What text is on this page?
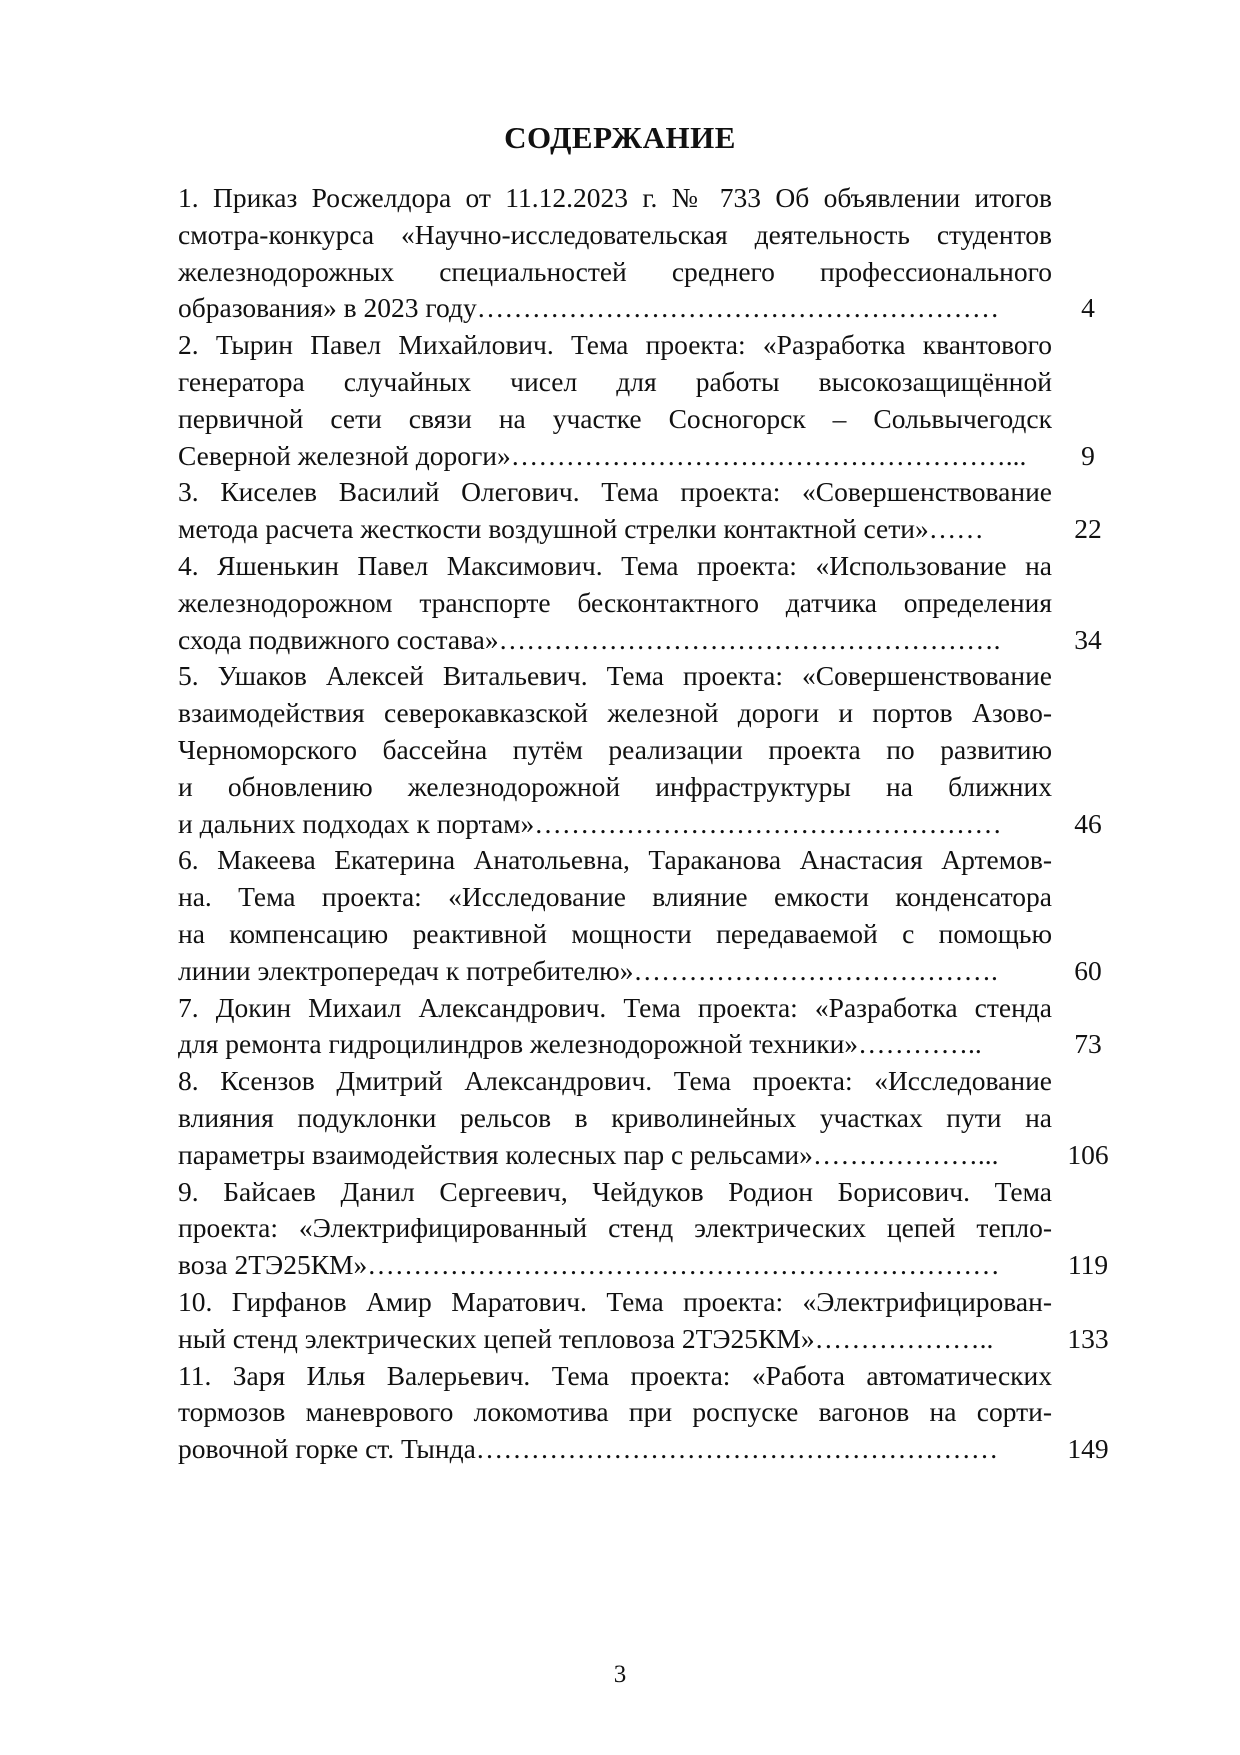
СОДЕРЖАНИЕ
1. Приказ Росжелдора от 11.12.2023 г. № 733 Об объявлении итогов
смотра-конкурса «Научно-исследовательская деятельность студентов
железнодорожных специальностей среднего профессионального
образования» в 2023 году…………………………………………………	4
2. Тырин Павел Михайлович. Тема проекта: «Разработка квантового
генератора случайных чисел для работы высокозащищённой
первичной сети связи на участке Сосногорск – Сольвычегодск
Северной железной дороги»………………………………………………...	9
3. Киселев Василий Олегович. Тема проекта: «Совершенствование
метода расчета жесткости воздушной стрелки контактной сети»……	22
4. Яшенькин Павел Максимович. Тема проекта: «Использование на
железнодорожном транспорте бесконтактного датчика определения
схода подвижного состава»……………………………………………….	34
5. Ушаков Алексей Витальевич. Тема проекта: «Совершенствование
взаимодействия северокавказской железной дороги и портов Азово-
Черноморского бассейна путём реализации проекта по развитию
и обновлению железнодорожной инфраструктуры на ближних
и дальних подходах к портам»……………………………………………	46
6. Макеева Екатерина Анатольевна, Тараканова Анастасия Артемов-
на. Тема проекта: «Исследование влияние емкости конденсатора
на компенсацию реактивной мощности передаваемой с помощью
линии электропередач к потребителю»………………………………….	60
7. Докин Михаил Александрович. Тема проекта: «Разработка стенда
для ремонта гидроцилиндров железнодорожной техники»…………..	73
8. Ксензов Дмитрий Александрович. Тема проекта: «Исследование
влияния подуклонки рельсов в криволинейных участках пути на
параметры взаимодействия колесных пар с рельсами»………………...	106
9. Байсаев Данил Сергеевич, Чейдуков Родион Борисович. Тема
проекта: «Электрифицированный стенд электрических цепей тепло-
воза 2ТЭ25КМ»……………………………………………………………	119
10. Гирфанов Амир Маратович. Тема проекта: «Электрифицирован-
ный стенд электрических цепей тепловоза 2ТЭ25КМ»………………..	133
11. Заря Илья Валерьевич. Тема проекта: «Работа автоматических
тормозов маневрового локомотива при роспуске вагонов на сорти-
ровочной горке ст. Тында…………………………………………………	149
3
